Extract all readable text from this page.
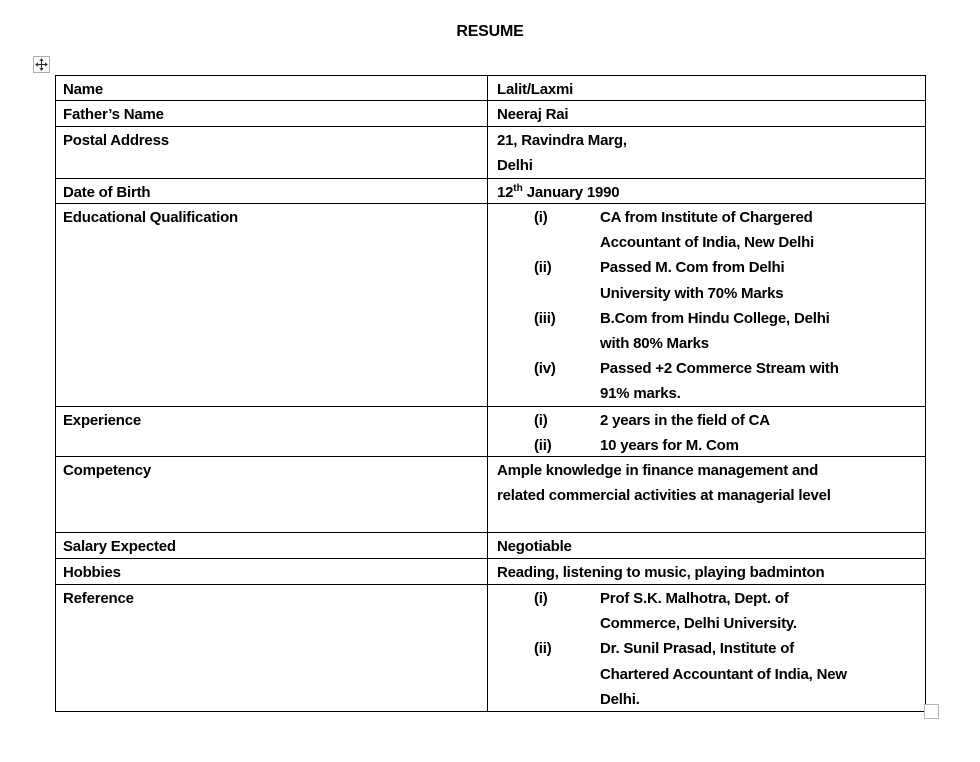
RESUME
Name	Lalit/Laxmi
Father’s Name	Neeraj Rai
Postal Address	21, Ravindra Marg,
Delhi
Date of Birth	12th January 1990
Educational Qualification	(i)	CA from Institute of Chargered
Accountant of India, New Delhi
(ii)	Passed M. Com from Delhi
University with 70% Marks
(iii)	B.Com from Hindu College, Delhi
with 80% Marks
(iv)	Passed +2 Commerce Stream with
91% marks.
Experience	(i)	2 years in the field of CA
(ii)	10 years for M. Com
Competency	Ample knowledge in finance management and
related commercial activities at managerial level
Salary Expected	Negotiable
Hobbies	Reading, listening to music, playing badminton
Reference	(i)	Prof S.K. Malhotra, Dept. of
Commerce, Delhi University.
(ii)	Dr. Sunil Prasad, Institute of
Chartered Accountant of India, New
Delhi.
